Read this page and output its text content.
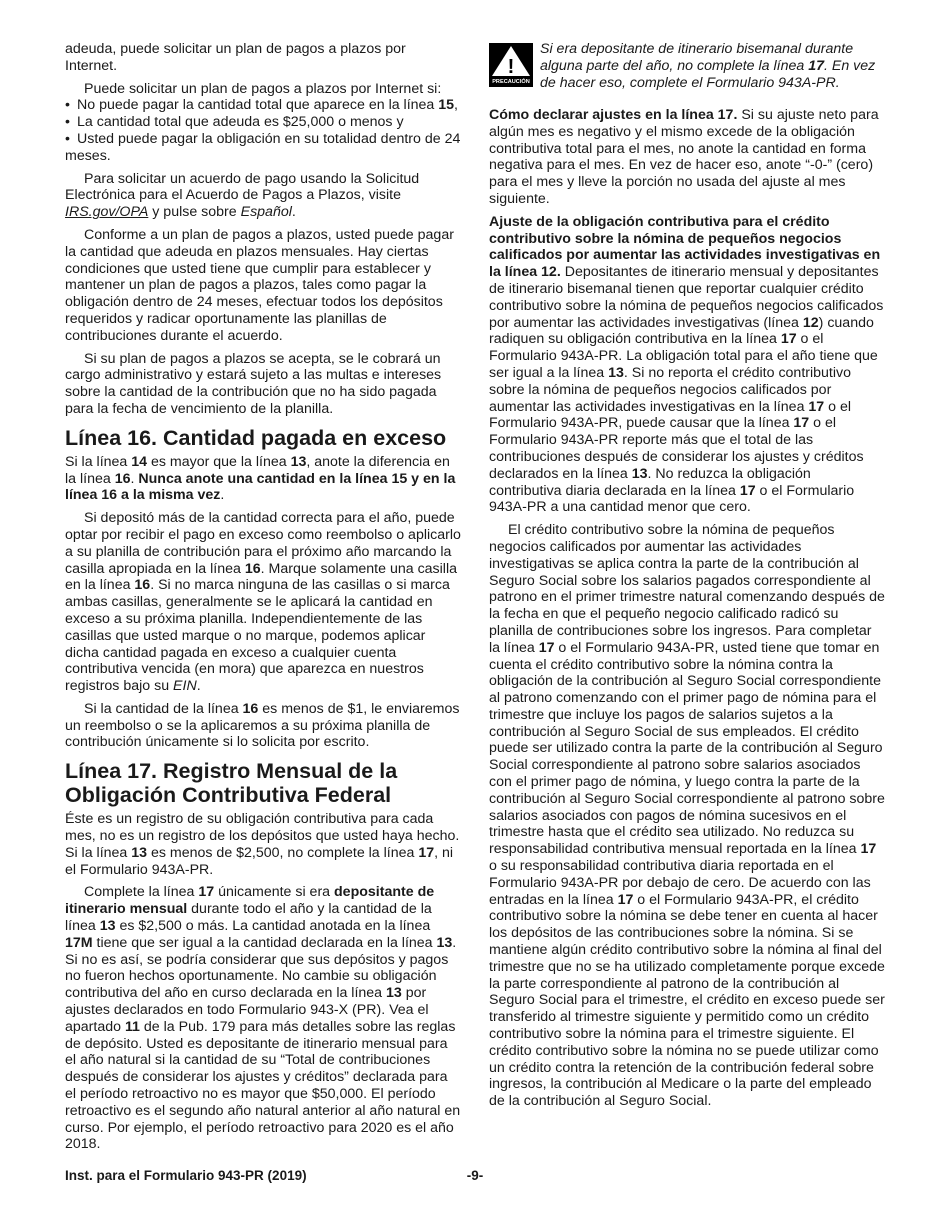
adeuda, puede solicitar un plan de pagos a plazos por Internet.

Puede solicitar un plan de pagos a plazos por Internet si:

• No puede pagar la cantidad total que aparece en la línea 15,

• La cantidad total que adeuda es $25,000 o menos y

• Usted puede pagar la obligación en su totalidad dentro de 24 meses.

Para solicitar un acuerdo de pago usando la Solicitud Electrónica para el Acuerdo de Pagos a Plazos, visite IRS.gov/OPA y pulse sobre Español.

Conforme a un plan de pagos a plazos, usted puede pagar la cantidad que adeuda en plazos mensuales. Hay ciertas condiciones que usted tiene que cumplir para establecer y mantener un plan de pagos a plazos, tales como pagar la obligación dentro de 24 meses, efectuar todos los depósitos requeridos y radicar oportunamente las planillas de contribuciones durante el acuerdo.

Si su plan de pagos a plazos se acepta, se le cobrará un cargo administrativo y estará sujeto a las multas e intereses sobre la cantidad de la contribución que no ha sido pagada para la fecha de vencimiento de la planilla.

Línea 16. Cantidad pagada en exceso

Si la línea 14 es mayor que la línea 13, anote la diferencia en la línea 16. Nunca anote una cantidad en la línea 15 y en la línea 16 a la misma vez.

Si depositó más de la cantidad correcta para el año, puede optar por recibir el pago en exceso como reembolso o aplicarlo a su planilla de contribución para el próximo año marcando la casilla apropiada en la línea 16. Marque solamente una casilla en la línea 16. Si no marca ninguna de las casillas o si marca ambas casillas, generalmente se le aplicará la cantidad en exceso a su próxima planilla. Independientemente de las casillas que usted marque o no marque, podemos aplicar dicha cantidad pagada en exceso a cualquier cuenta contributiva vencida (en mora) que aparezca en nuestros registros bajo su EIN.

Si la cantidad de la línea 16 es menos de $1, le enviaremos un reembolso o se la aplicaremos a su próxima planilla de contribución únicamente si lo solicita por escrito.

Línea 17. Registro Mensual de la Obligación Contributiva Federal

Éste es un registro de su obligación contributiva para cada mes, no es un registro de los depósitos que usted haya hecho. Si la línea 13 es menos de $2,500, no complete la línea 17, ni el Formulario 943A-PR.

Complete la línea 17 únicamente si era depositante de itinerario mensual durante todo el año y la cantidad de la línea 13 es $2,500 o más. La cantidad anotada en la línea 17M tiene que ser igual a la cantidad declarada en la línea 13. Si no es así, se podría considerar que sus depósitos y pagos no fueron hechos oportunamente. No cambie su obligación contributiva del año en curso declarada en la línea 13 por ajustes declarados en todo Formulario 943-X (PR). Vea el apartado 11 de la Pub. 179 para más detalles sobre las reglas de depósito. Usted es depositante de itinerario mensual para el año natural si la cantidad de su “Total de contribuciones después de considerar los ajustes y créditos” declarada para el período retroactivo no es mayor que $50,000. El período retroactivo es el segundo año natural anterior al año natural en curso. Por ejemplo, el período retroactivo para 2020 es el año 2018.

!
PRECAUCIÓN
Si era depositante de itinerario bisemanal durante alguna parte del año, no complete la línea 17. En vez de hacer eso, complete el Formulario 943A-PR.

Cómo declarar ajustes en la línea 17. Si su ajuste neto para algún mes es negativo y el mismo excede de la obligación contributiva total para el mes, no anote la cantidad en forma negativa para el mes. En vez de hacer eso, anote “-0-” (cero) para el mes y lleve la porción no usada del ajuste al mes siguiente.

Ajuste de la obligación contributiva para el crédito contributivo sobre la nómina de pequeños negocios calificados por aumentar las actividades investigativas en la línea 12. Depositantes de itinerario mensual y depositantes de itinerario bisemanal tienen que reportar cualquier crédito contributivo sobre la nómina de pequeños negocios calificados por aumentar las actividades investigativas (línea 12) cuando radiquen su obligación contributiva en la línea 17 o el Formulario 943A-PR. La obligación total para el año tiene que ser igual a la línea 13. Si no reporta el crédito contributivo sobre la nómina de pequeños negocios calificados por aumentar las actividades investigativas en la línea 17 o el Formulario 943A-PR, puede causar que la línea 17 o el Formulario 943A-PR reporte más que el total de las contribuciones después de considerar los ajustes y créditos declarados en la línea 13. No reduzca la obligación contributiva diaria declarada en la línea 17 o el Formulario 943A-PR a una cantidad menor que cero.

El crédito contributivo sobre la nómina de pequeños negocios calificados por aumentar las actividades investigativas se aplica contra la parte de la contribución al Seguro Social sobre los salarios pagados correspondiente al patrono en el primer trimestre natural comenzando después de la fecha en que el pequeño negocio calificado radicó su planilla de contribuciones sobre los ingresos. Para completar la línea 17 o el Formulario 943A-PR, usted tiene que tomar en cuenta el crédito contributivo sobre la nómina contra la obligación de la contribución al Seguro Social correspondiente al patrono comenzando con el primer pago de nómina para el trimestre que incluye los pagos de salarios sujetos a la contribución al Seguro Social de sus empleados. El crédito puede ser utilizado contra la parte de la contribución al Seguro Social correspondiente al patrono sobre salarios asociados con el primer pago de nómina, y luego contra la parte de la contribución al Seguro Social correspondiente al patrono sobre salarios asociados con pagos de nómina sucesivos en el trimestre hasta que el crédito sea utilizado. No reduzca su responsabilidad contributiva mensual reportada en la línea 17 o su responsabilidad contributiva diaria reportada en el Formulario 943A-PR por debajo de cero. De acuerdo con las entradas en la línea 17 o el Formulario 943A-PR, el crédito contributivo sobre la nómina se debe tener en cuenta al hacer los depósitos de las contribuciones sobre la nómina. Si se mantiene algún crédito contributivo sobre la nómina al final del trimestre que no se ha utilizado completamente porque excede la parte correspondiente al patrono de la contribución al Seguro Social para el trimestre, el crédito en exceso puede ser transferido al trimestre siguiente y permitido como un crédito contributivo sobre la nómina para el trimestre siguiente. El crédito contributivo sobre la nómina no se puede utilizar como un crédito contra la retención de la contribución federal sobre ingresos, la contribución al Medicare o la parte del empleado de la contribución al Seguro Social.

-9-
Inst. para el Formulario 943-PR (2019)
